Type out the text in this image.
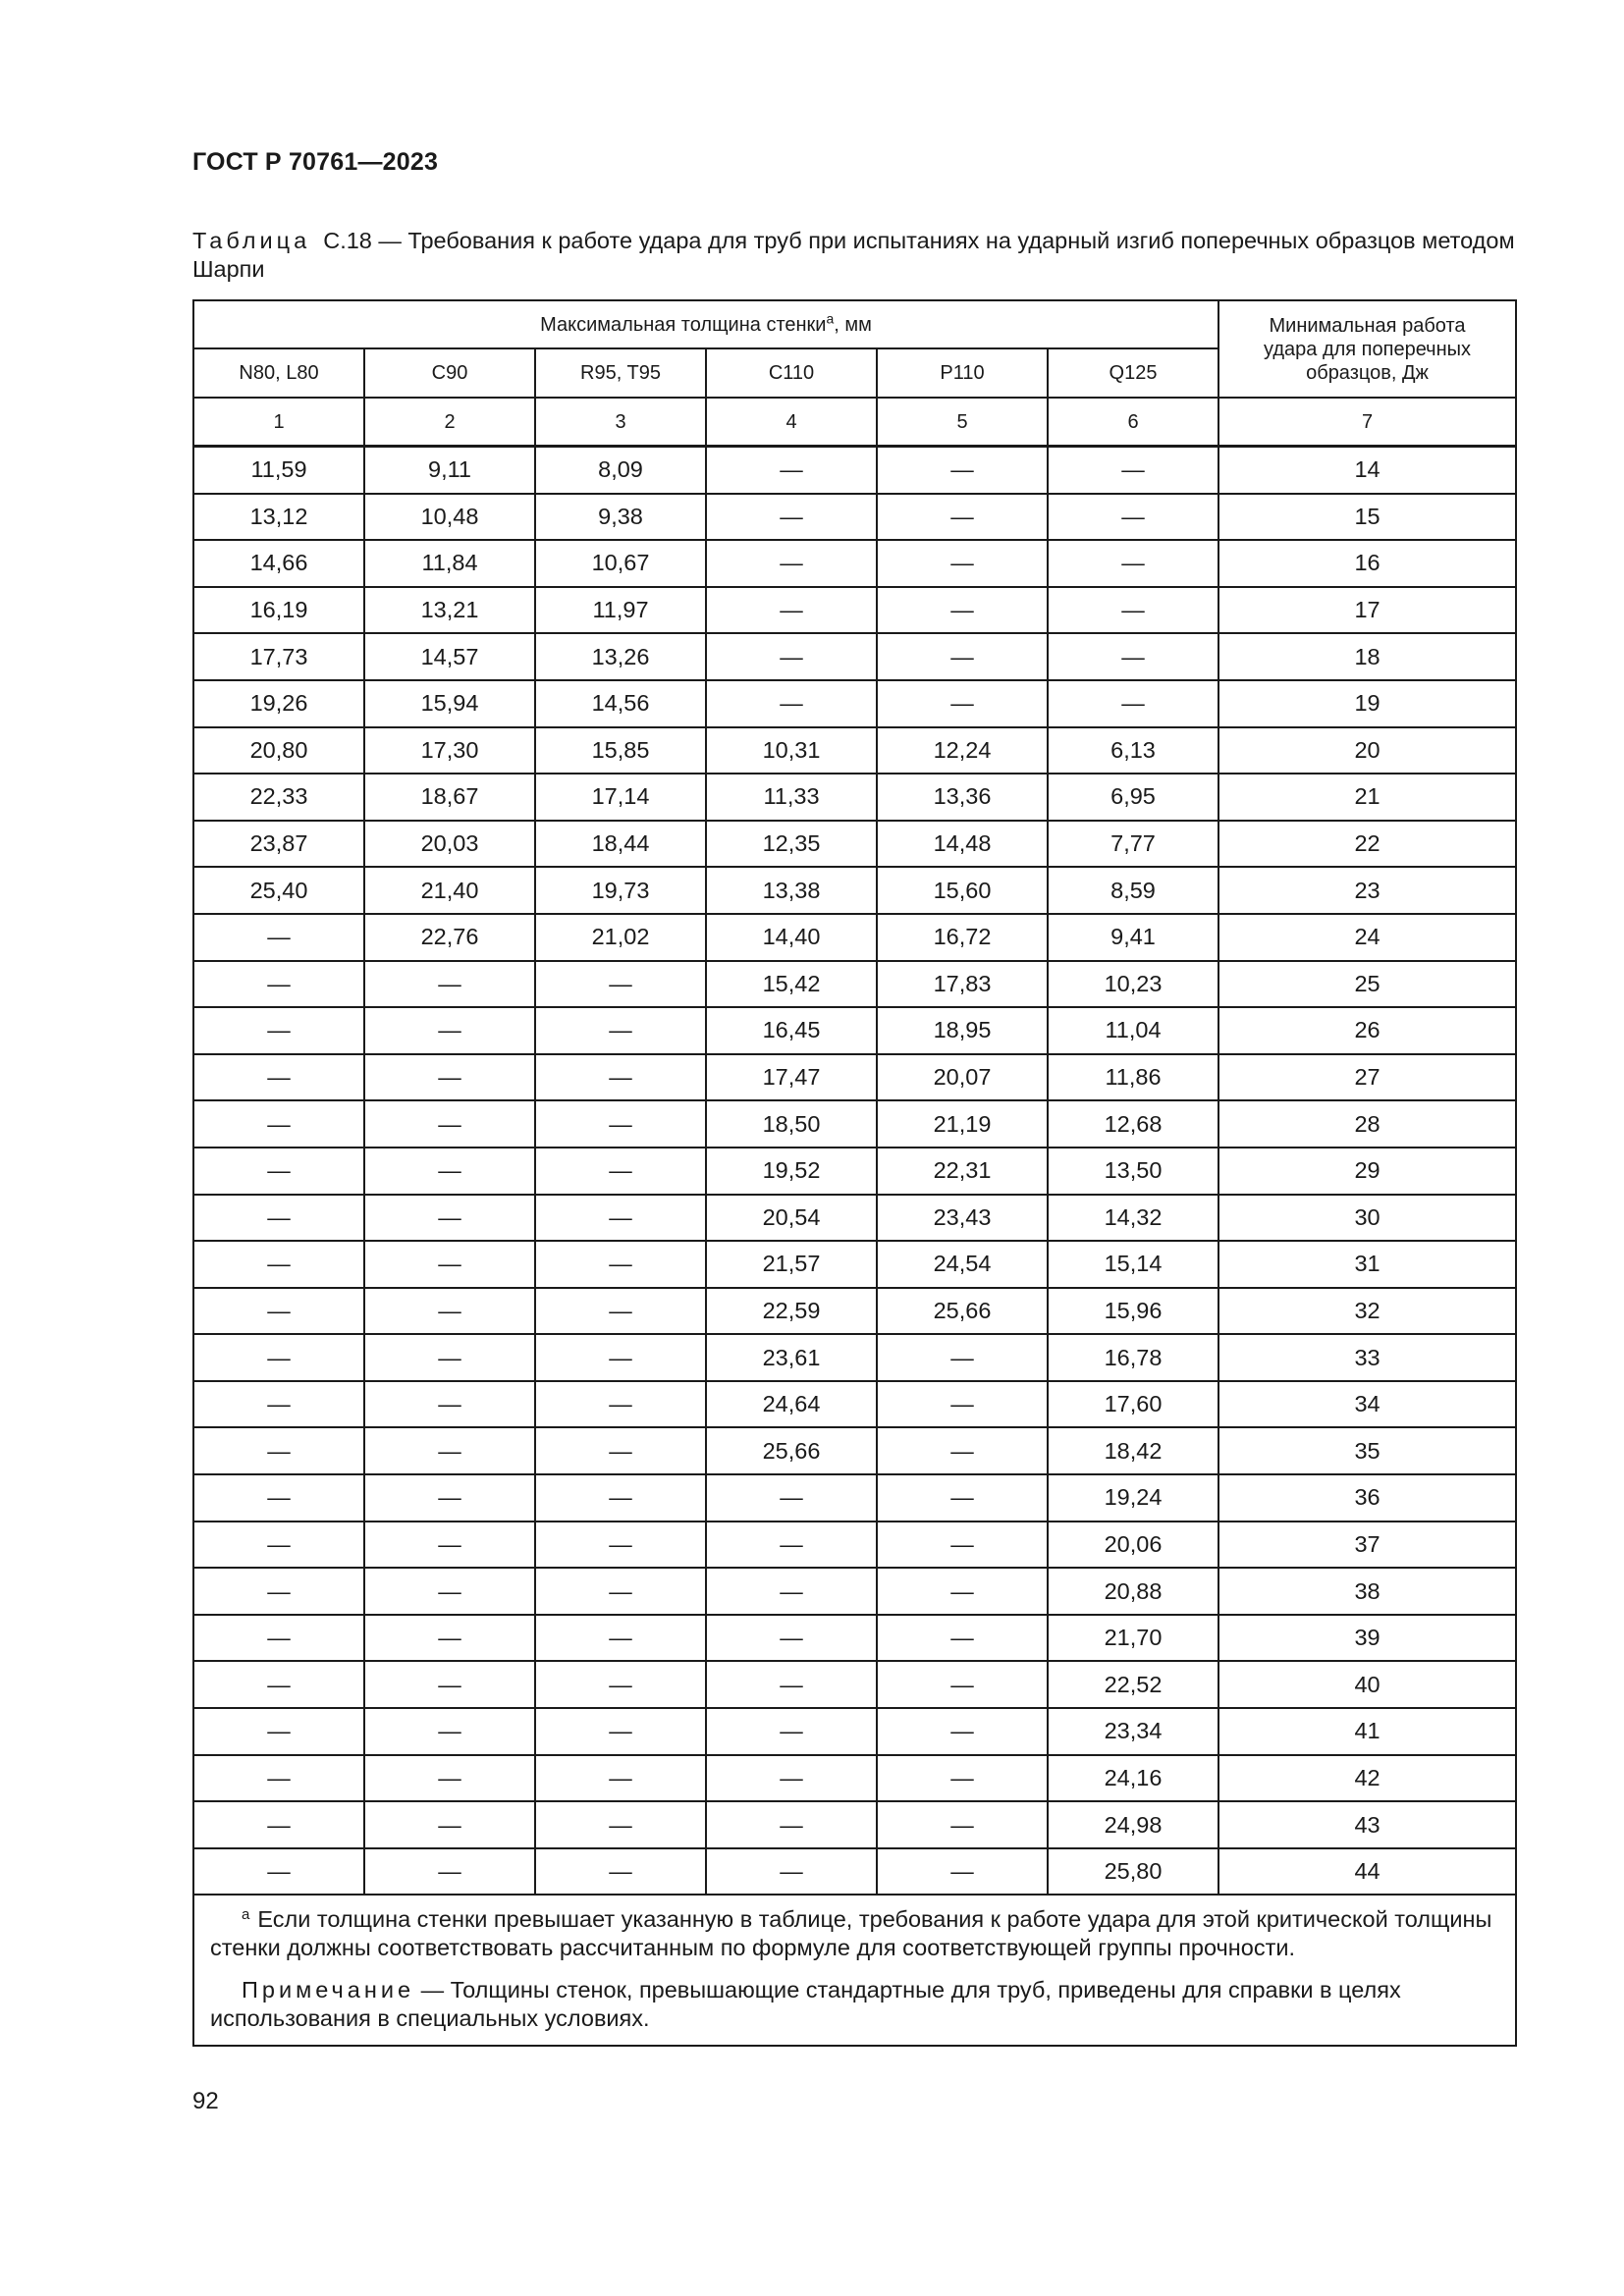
ГОСТ Р 70761—2023
Таблица С.18 — Требования к работе удара для труб при испытаниях на ударный изгиб поперечных образцов методом Шарпи
Максимальная толщина стенки$^а$, мм						Минимальная работа удара для поперечных образцов, Дж
N80, L80	C90	R95, T95	C110	P110	Q125	
1	2	3	4	5	6	7
11,59	9,11	8,09	—	—	—	14
13,12	10,48	9,38	—	—	—	15
14,66	11,84	10,67	—	—	—	16
16,19	13,21	11,97	—	—	—	17
17,73	14,57	13,26	—	—	—	18
19,26	15,94	14,56	—	—	—	19
20,80	17,30	15,85	10,31	12,24	6,13	20
22,33	18,67	17,14	11,33	13,36	6,95	21
23,87	20,03	18,44	12,35	14,48	7,77	22
25,40	21,40	19,73	13,38	15,60	8,59	23
—	22,76	21,02	14,40	16,72	9,41	24
—	—	—	15,42	17,83	10,23	25
—	—	—	16,45	18,95	11,04	26
—	—	—	17,47	20,07	11,86	27
—	—	—	18,50	21,19	12,68	28
—	—	—	19,52	22,31	13,50	29
—	—	—	20,54	23,43	14,32	30
—	—	—	21,57	24,54	15,14	31
—	—	—	22,59	25,66	15,96	32
—	—	—	23,61	—	16,78	33
—	—	—	24,64	—	17,60	34
—	—	—	25,66	—	18,42	35
—	—	—	—	—	19,24	36
—	—	—	—	—	20,06	37
—	—	—	—	—	20,88	38
—	—	—	—	—	21,70	39
—	—	—	—	—	22,52	40
—	—	—	—	—	23,34	41
—	—	—	—	—	24,16	42
—	—	—	—	—	24,98	43
—	—	—	—	—	25,80	44

$^а$ Если толщина стенки превышает указанную в таблице, требования к работе удара для этой критической толщины стенки должны соответствовать рассчитанным по формуле для соответствующей группы прочности.
Примечание — Толщины стенок, превышающие стандартные для труб, приведены для справки в целях использования в специальных условиях.						
92
